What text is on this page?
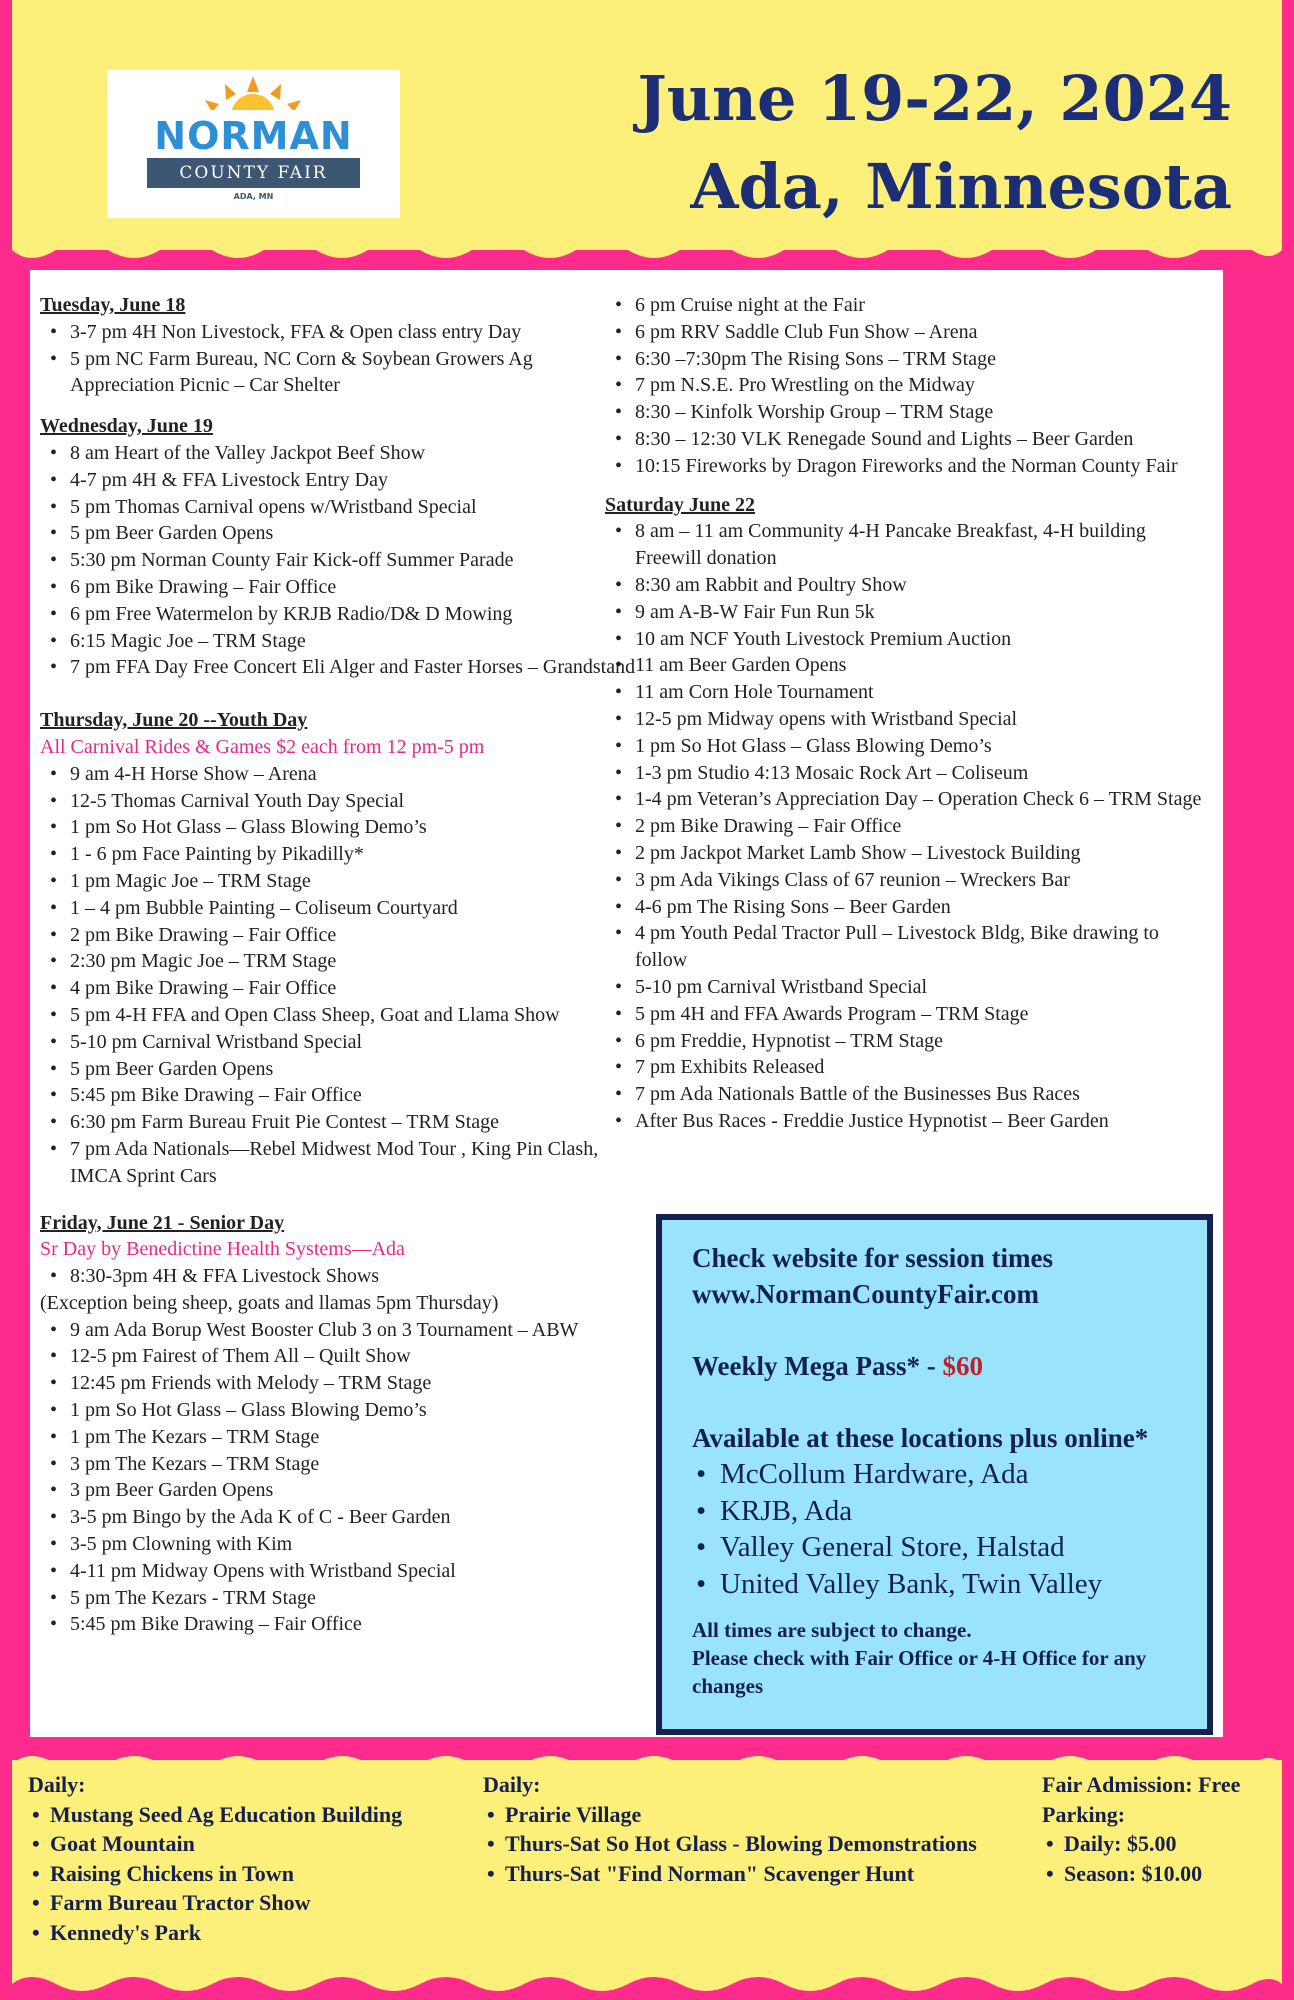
NORMAN
COUNTY FAIR
ADA, MN
June 19-22, 2024
Ada, Minnesota
Tuesday, June 18
• 3-7 pm 4H Non Livestock, FFA & Open class entry Day
• 5 pm NC Farm Bureau, NC Corn & Soybean Growers Ag Appreciation Picnic – Car Shelter
Wednesday, June 19
• 8 am Heart of the Valley Jackpot Beef Show
• 4-7 pm 4H & FFA Livestock Entry Day
• 5 pm Thomas Carnival opens w/Wristband Special
• 5 pm Beer Garden Opens
• 5:30 pm Norman County Fair Kick-off Summer Parade
• 6 pm Bike Drawing – Fair Office
• 6 pm Free Watermelon by KRJB Radio/D& D Mowing
• 6:15 Magic Joe – TRM Stage
• 7 pm FFA Day Free Concert Eli Alger and Faster Horses – Grandstand
Thursday, June 20 --Youth Day
All Carnival Rides & Games $2 each from 12 pm-5 pm
• 9 am 4-H Horse Show – Arena
• 12-5 Thomas Carnival Youth Day Special
• 1 pm So Hot Glass – Glass Blowing Demo’s
• 1 - 6 pm Face Painting by Pikadilly*
• 1 pm Magic Joe – TRM Stage
• 1 – 4 pm Bubble Painting – Coliseum Courtyard
• 2 pm Bike Drawing – Fair Office
• 2:30 pm Magic Joe – TRM Stage
• 4 pm Bike Drawing – Fair Office
• 5 pm 4-H FFA and Open Class Sheep, Goat and Llama Show
• 5-10 pm Carnival Wristband Special
• 5 pm Beer Garden Opens
• 5:45 pm Bike Drawing – Fair Office
• 6:30 pm Farm Bureau Fruit Pie Contest – TRM Stage
• 7 pm Ada Nationals—Rebel Midwest Mod Tour , King Pin Clash, IMCA Sprint Cars
Friday, June 21 - Senior Day
Sr Day by Benedictine Health Systems—Ada
• 8:30-3pm 4H & FFA Livestock Shows
(Exception being sheep, goats and llamas 5pm Thursday)
• 9 am Ada Borup West Booster Club 3 on 3 Tournament – ABW
• 12-5 pm Fairest of Them All – Quilt Show
• 12:45 pm Friends with Melody – TRM Stage
• 1 pm So Hot Glass – Glass Blowing Demo’s
• 1 pm The Kezars – TRM Stage
• 3 pm The Kezars – TRM Stage
• 3 pm Beer Garden Opens
• 3-5 pm Bingo by the Ada K of C - Beer Garden
• 3-5 pm Clowning with Kim
• 4-11 pm Midway Opens with Wristband Special
• 5 pm The Kezars - TRM Stage
• 5:45 pm Bike Drawing – Fair Office
• 6 pm Cruise night at the Fair
• 6 pm RRV Saddle Club Fun Show – Arena
• 6:30 –7:30pm The Rising Sons – TRM Stage
• 7 pm N.S.E. Pro Wrestling on the Midway
• 8:30 – Kinfolk Worship Group – TRM Stage
• 8:30 – 12:30 VLK Renegade Sound and Lights – Beer Garden
• 10:15 Fireworks by Dragon Fireworks and the Norman County Fair
Saturday June 22
• 8 am – 11 am Community 4-H Pancake Breakfast, 4-H building Freewill donation
• 8:30 am Rabbit and Poultry Show
• 9 am A-B-W Fair Fun Run 5k
• 10 am NCF Youth Livestock Premium Auction
• 11 am Beer Garden Opens
• 11 am Corn Hole Tournament
• 12-5 pm Midway opens with Wristband Special
• 1 pm So Hot Glass – Glass Blowing Demo’s
• 1-3 pm Studio 4:13 Mosaic Rock Art – Coliseum
• 1-4 pm Veteran’s Appreciation Day – Operation Check 6 – TRM Stage
• 2 pm Bike Drawing – Fair Office
• 2 pm Jackpot Market Lamb Show – Livestock Building
• 3 pm Ada Vikings Class of 67 reunion – Wreckers Bar
• 4-6 pm The Rising Sons – Beer Garden
• 4 pm Youth Pedal Tractor Pull – Livestock Bldg, Bike drawing to follow
• 5-10 pm Carnival Wristband Special
• 5 pm 4H and FFA Awards Program – TRM Stage
• 6 pm Freddie, Hypnotist – TRM Stage
• 7 pm Exhibits Released
• 7 pm Ada Nationals Battle of the Businesses Bus Races
• After Bus Races - Freddie Justice Hypnotist – Beer Garden
Check website for session times
www.NormanCountyFair.com
Weekly Mega Pass* - $60
Available at these locations plus online*
• McCollum Hardware, Ada
• KRJB, Ada
• Valley General Store, Halstad
• United Valley Bank, Twin Valley
All times are subject to change.
Please check with Fair Office or 4-H Office for any changes
Daily:
• Mustang Seed Ag Education Building
• Goat Mountain
• Raising Chickens in Town
• Farm Bureau Tractor Show
• Kennedy's Park
Daily:
• Prairie Village
• Thurs-Sat So Hot Glass - Blowing Demonstrations
• Thurs-Sat "Find Norman" Scavenger Hunt
Fair Admission: Free
Parking:
• Daily: $5.00
• Season: $10.00
